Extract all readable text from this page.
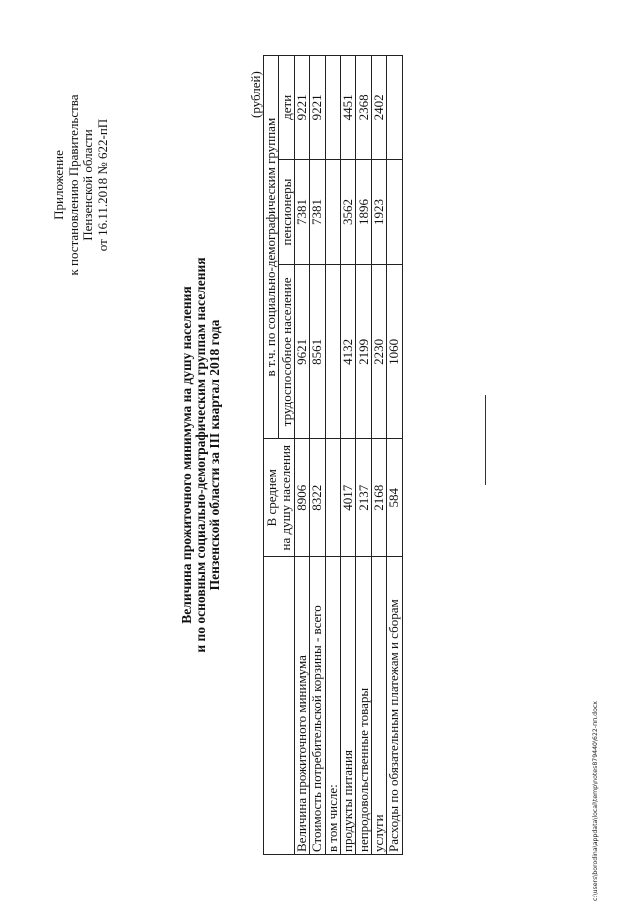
Приложение к постановлению Правительства Пензенской области от 16.11.2018 № 622-пП
Величина прожиточного минимума на душу населения
и по основным социально-демографическим группам населения
Пензенской области за III квартал 2018 года
(рублей)

	В среднем на душу населения	в т.ч. по социально-демографическим группам		
		трудоспособное население	пенсионеры	дети
Величина прожиточного минимума	8906	9621	7381	9221
Стоимость потребительской корзины - всего	8322	8561	7381	9221
в том числе:				
продукты питания	4017	4132	3562	4451
непродовольственные товары	2137	2199	1896	2368
услуги	2168	2230	1923	2402
Расходы по обязательным платежам и сборам	584	1060		
c:\users\borodina\appdata\local\temp\notes879440\622-пп.docx
